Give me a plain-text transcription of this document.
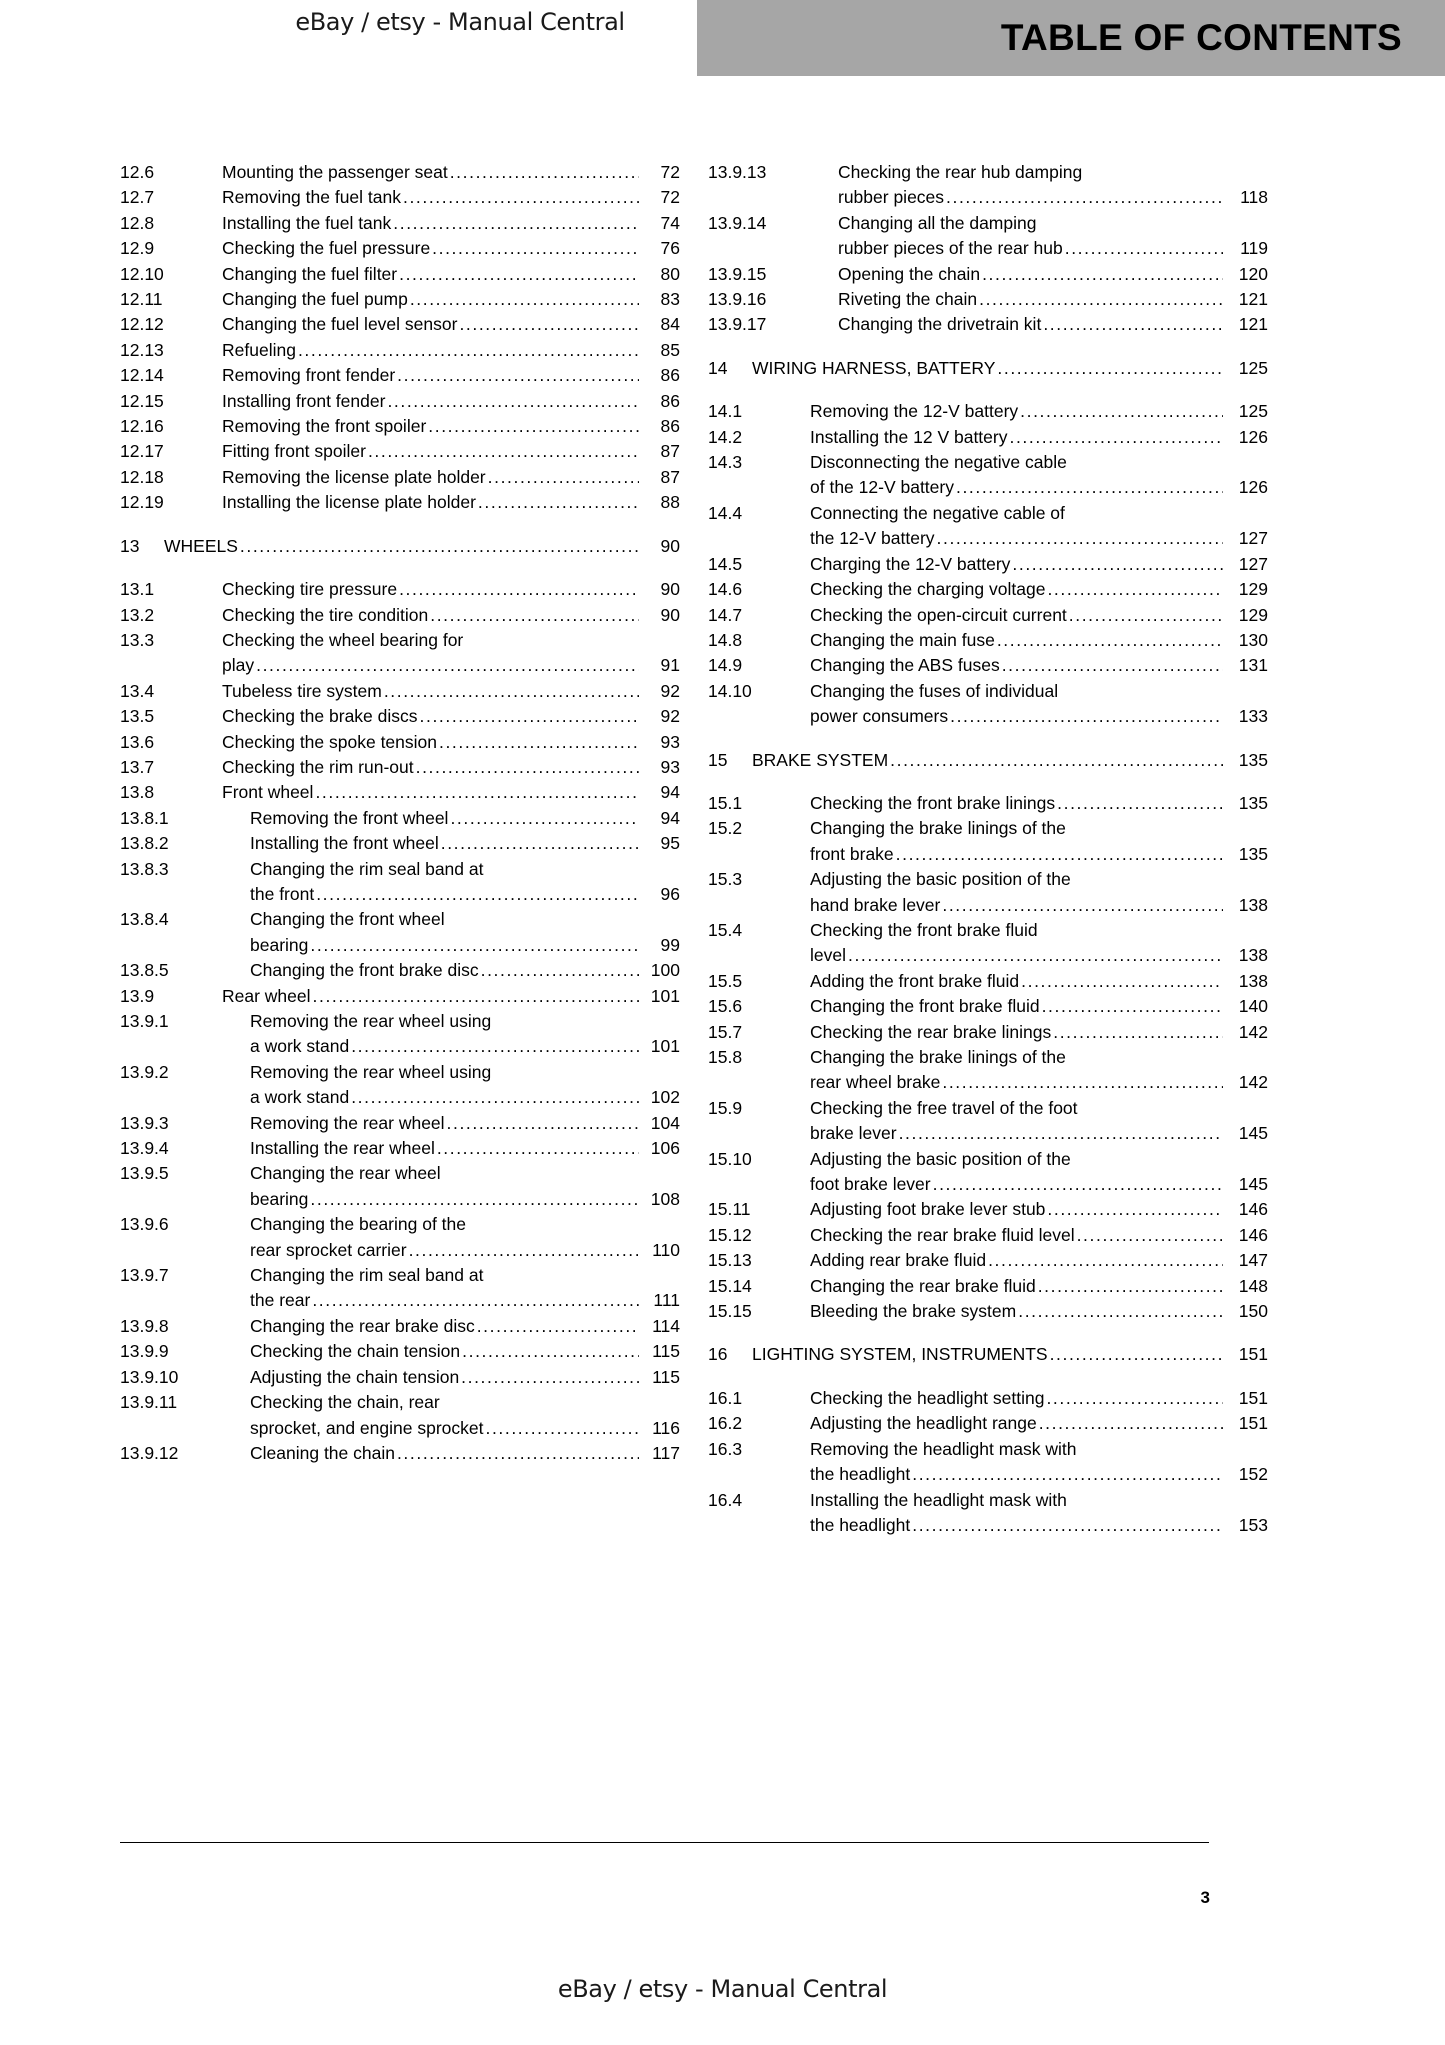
eBay / etsy - Manual Central	TABLE OF CONTENTS
12.6	Mounting the passenger seat .....	72
12.7	Removing the fuel tank .....	72
12.8	Installing the fuel tank .....	74
12.9	Checking the fuel pressure .....	76
12.10	Changing the fuel filter .....	80
12.11	Changing the fuel pump .....	83
12.12	Changing the fuel level sensor .....	84
12.13	Refueling .....	85
12.14	Removing front fender .....	86
12.15	Installing front fender .....	86
12.16	Removing the front spoiler .....	86
12.17	Fitting front spoiler .....	87
12.18	Removing the license plate holder .....	87
12.19	Installing the license plate holder .....	88
13	WHEELS .....	90
13.1	Checking tire pressure .....	90
13.2	Checking the tire condition .....	90
13.3	Checking the wheel bearing for
play .....	91
13.4	Tubeless tire system .....	92
13.5	Checking the brake discs .....	92
13.6	Checking the spoke tension .....	93
13.7	Checking the rim run-out .....	93
13.8	Front wheel .....	94
13.8.1	Removing the front wheel .....	94
13.8.2	Installing the front wheel .....	95
13.8.3	Changing the rim seal band at
the front .....	96
13.8.4	Changing the front wheel
bearing .....	99
13.8.5	Changing the front brake disc .....	100
13.9	Rear wheel .....	101
13.9.1	Removing the rear wheel using
a work stand .....	101
13.9.2	Removing the rear wheel using
a work stand .....	102
13.9.3	Removing the rear wheel .....	104
13.9.4	Installing the rear wheel .....	106
13.9.5	Changing the rear wheel
bearing .....	108
13.9.6	Changing the bearing of the
rear sprocket carrier .....	110
13.9.7	Changing the rim seal band at
the rear .....	111
13.9.8	Changing the rear brake disc .....	114
13.9.9	Checking the chain tension .....	115
13.9.10	Adjusting the chain tension .....	115
13.9.11	Checking the chain, rear
sprocket, and engine sprocket .....	116
13.9.12	Cleaning the chain .....	117
13.9.13	Checking the rear hub damping
rubber pieces .....	118
13.9.14	Changing all the damping
rubber pieces of the rear hub .....	119
13.9.15	Opening the chain .....	120
13.9.16	Riveting the chain .....	121
13.9.17	Changing the drivetrain kit .....	121
14	WIRING HARNESS, BATTERY .....	125
14.1	Removing the 12-V battery .....	125
14.2	Installing the 12 V battery .....	126
14.3	Disconnecting the negative cable
of the 12-V battery .....	126
14.4	Connecting the negative cable of
the 12-V battery .....	127
14.5	Charging the 12-V battery .....	127
14.6	Checking the charging voltage .....	129
14.7	Checking the open-circuit current .....	129
14.8	Changing the main fuse .....	130
14.9	Changing the ABS fuses .....	131
14.10	Changing the fuses of individual
power consumers .....	133
15	BRAKE SYSTEM .....	135
15.1	Checking the front brake linings .....	135
15.2	Changing the brake linings of the
front brake .....	135
15.3	Adjusting the basic position of the
hand brake lever .....	138
15.4	Checking the front brake fluid
level .....	138
15.5	Adding the front brake fluid .....	138
15.6	Changing the front brake fluid .....	140
15.7	Checking the rear brake linings .....	142
15.8	Changing the brake linings of the
rear wheel brake .....	142
15.9	Checking the free travel of the foot
brake lever .....	145
15.10	Adjusting the basic position of the
foot brake lever .....	145
15.11	Adjusting foot brake lever stub .....	146
15.12	Checking the rear brake fluid level .....	146
15.13	Adding rear brake fluid .....	147
15.14	Changing the rear brake fluid .....	148
15.15	Bleeding the brake system .....	150
16	LIGHTING SYSTEM, INSTRUMENTS .....	151
16.1	Checking the headlight setting .....	151
16.2	Adjusting the headlight range .....	151
16.3	Removing the headlight mask with
the headlight .....	152
16.4	Installing the headlight mask with
the headlight .....	153
3
eBay / etsy - Manual Central
